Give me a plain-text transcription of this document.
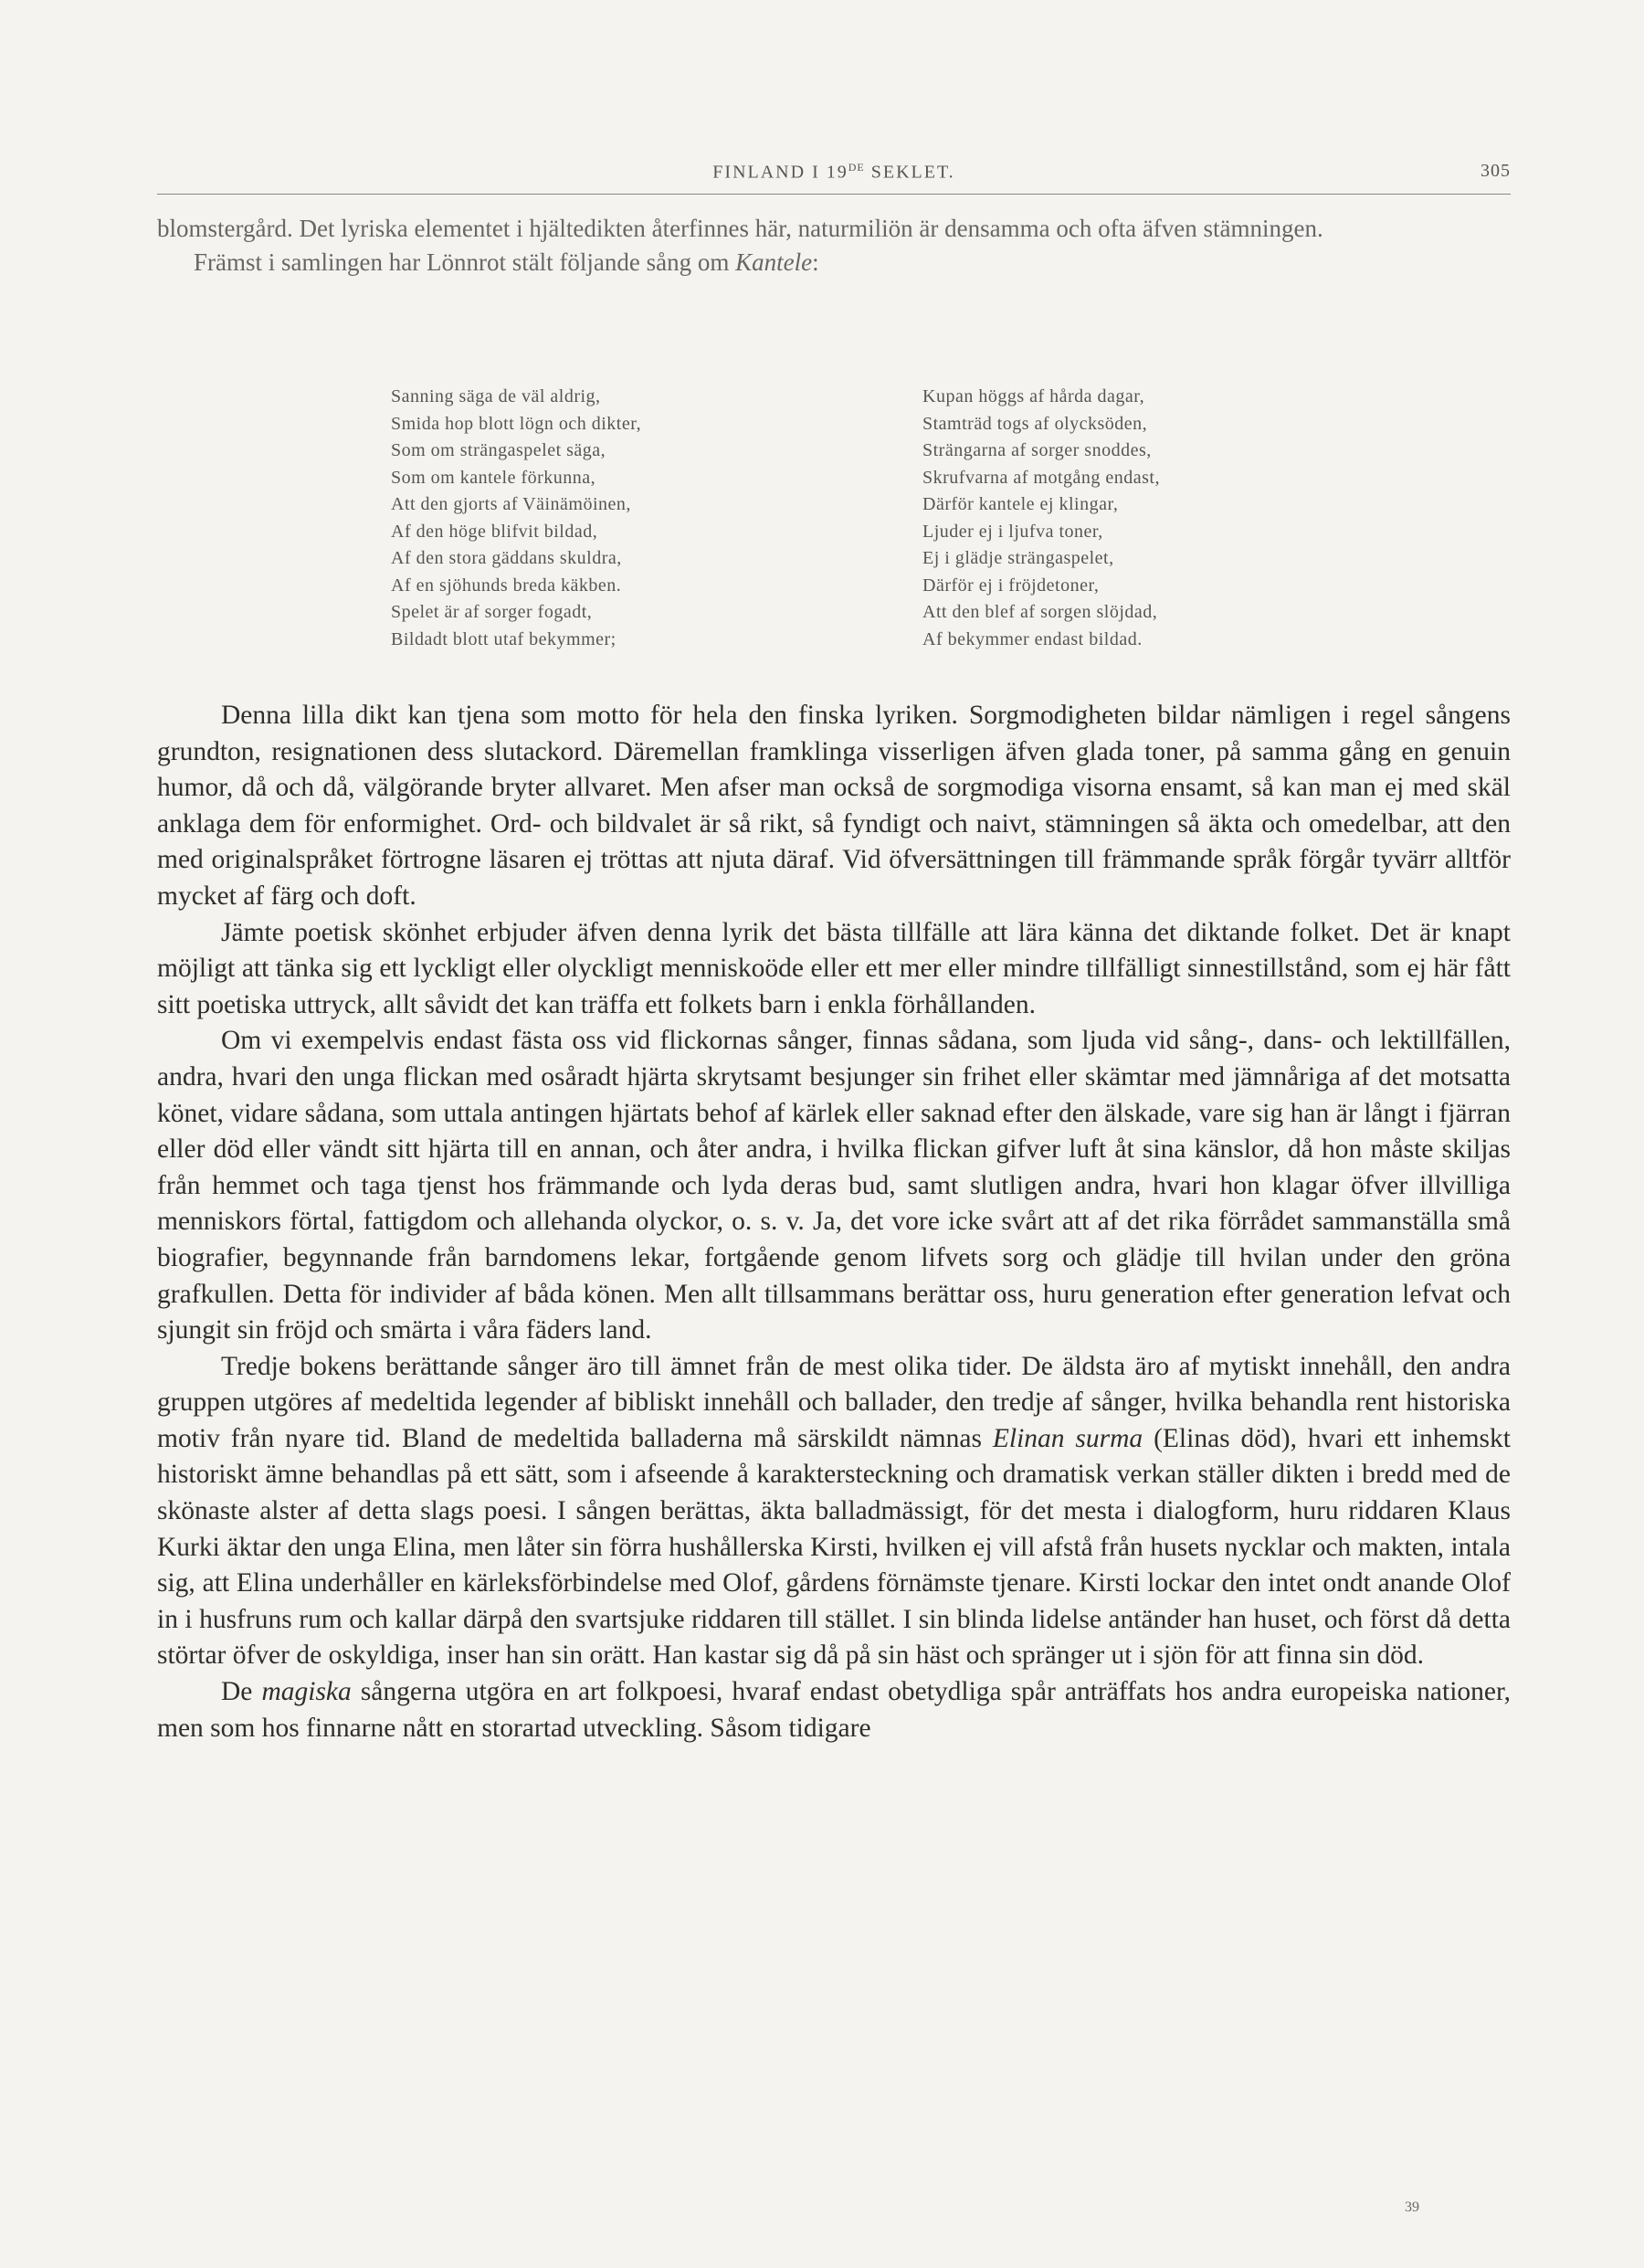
FINLAND I 19DE SEKLET.	305

blomstergård. Det lyriska elementet i hjältedikten återfinnes här, naturmiliön är densamma och ofta äfven stämningen.

Främst i samlingen har Lönnrot stält följande sång om Kantele:

Sanning säga de väl aldrig,
Smida hop blott lögn och dikter,
Som om strängaspelet säga,
Som om kantele förkunna,
Att den gjorts af Väinämöinen,
Af den höge blifvit bildad,
Af den stora gäddans skuldra,
Af en sjöhunds breda käkben.
Spelet är af sorger fogadt,
Bildadt blott utaf bekymmer;
Kupan höggs af hårda dagar,
Stamträd togs af olycksöden,
Strängarna af sorger snoddes,
Skrufvarna af motgång endast,
Därför kantele ej klingar,
Ljuder ej i ljufva toner,
Ej i glädje strängaspelet,
Därför ej i fröjdetoner,
Att den blef af sorgen slöjdad,
Af bekymmer endast bildad.

Denna lilla dikt kan tjena som motto för hela den finska lyriken. Sorgmodigheten bildar nämligen i regel sångens grundton, resignationen dess slutackord. Däremellan framklinga visserligen äfven glada toner, på samma gång en genuin humor, då och då, välgörande bryter allvaret. Men afser man också de sorgmodiga visorna ensamt, så kan man ej med skäl anklaga dem för enformighet. Ord- och bildvalet är så rikt, så fyndigt och naivt, stämningen så äkta och omedelbar, att den med originalspråket förtrogne läsaren ej tröttas att njuta däraf. Vid öfversättningen till främmande språk förgår tyvärr alltför mycket af färg och doft.

Jämte poetisk skönhet erbjuder äfven denna lyrik det bästa tillfälle att lära känna det diktande folket. Det är knapt möjligt att tänka sig ett lyckligt eller olyckligt menniskoöde eller ett mer eller mindre tillfälligt sinnestillstånd, som ej här fått sitt poetiska uttryck, allt såvidt det kan träffa ett folkets barn i enkla förhållanden.

Om vi exempelvis endast fästa oss vid flickornas sånger, finnas sådana, som ljuda vid sång-, dans- och lektillfällen, andra, hvari den unga flickan med osåradt hjärta skrytsamt besjunger sin frihet eller skämtar med jämnåriga af det motsatta könet, vidare sådana, som uttala antingen hjärtats behof af kärlek eller saknad efter den älskade, vare sig han är långt i fjärran eller död eller vändt sitt hjärta till en annan, och åter andra, i hvilka flickan gifver luft åt sina känslor, då hon måste skiljas från hemmet och taga tjenst hos främmande och lyda deras bud, samt slutligen andra, hvari hon klagar öfver illvilliga menniskors förtal, fattigdom och allehanda olyckor, o. s. v. Ja, det vore icke svårt att af det rika förrådet sammanställa små biografier, begynnande från barndomens lekar, fortgående genom lifvets sorg och glädje till hvilan under den gröna grafkullen. Detta för individer af båda könen. Men allt tillsammans berättar oss, huru generation efter generation lefvat och sjungit sin fröjd och smärta i våra fäders land.

Tredje bokens berättande sånger äro till ämnet från de mest olika tider. De äldsta äro af mytiskt innehåll, den andra gruppen utgöres af medeltida legender af bibliskt innehåll och ballader, den tredje af sånger, hvilka behandla rent historiska motiv från nyare tid. Bland de medeltida balladerna må särskildt nämnas Elinan surma (Elinas död), hvari ett inhemskt historiskt ämne behandlas på ett sätt, som i afseende å karaktersteckning och dramatisk verkan ställer dikten i bredd med de skönaste alster af detta slags poesi. I sången berättas, äkta balladmässigt, för det mesta i dialogform, huru riddaren Klaus Kurki äktar den unga Elina, men låter sin förra hushållerska Kirsti, hvilken ej vill afstå från husets nycklar och makten, intala sig, att Elina underhåller en kärleksförbindelse med Olof, gårdens förnämste tjenare. Kirsti lockar den intet ondt anande Olof in i husfruns rum och kallar därpå den svartsjuke riddaren till stället. I sin blinda lidelse antänder han huset, och först då detta störtar öfver de oskyldiga, inser han sin orätt. Han kastar sig då på sin häst och spränger ut i sjön för att finna sin död.

De magiska sångerna utgöra en art folkpoesi, hvaraf endast obetydliga spår anträffats hos andra europeiska nationer, men som hos finnarne nått en storartad utveckling. Såsom tidigare

39
